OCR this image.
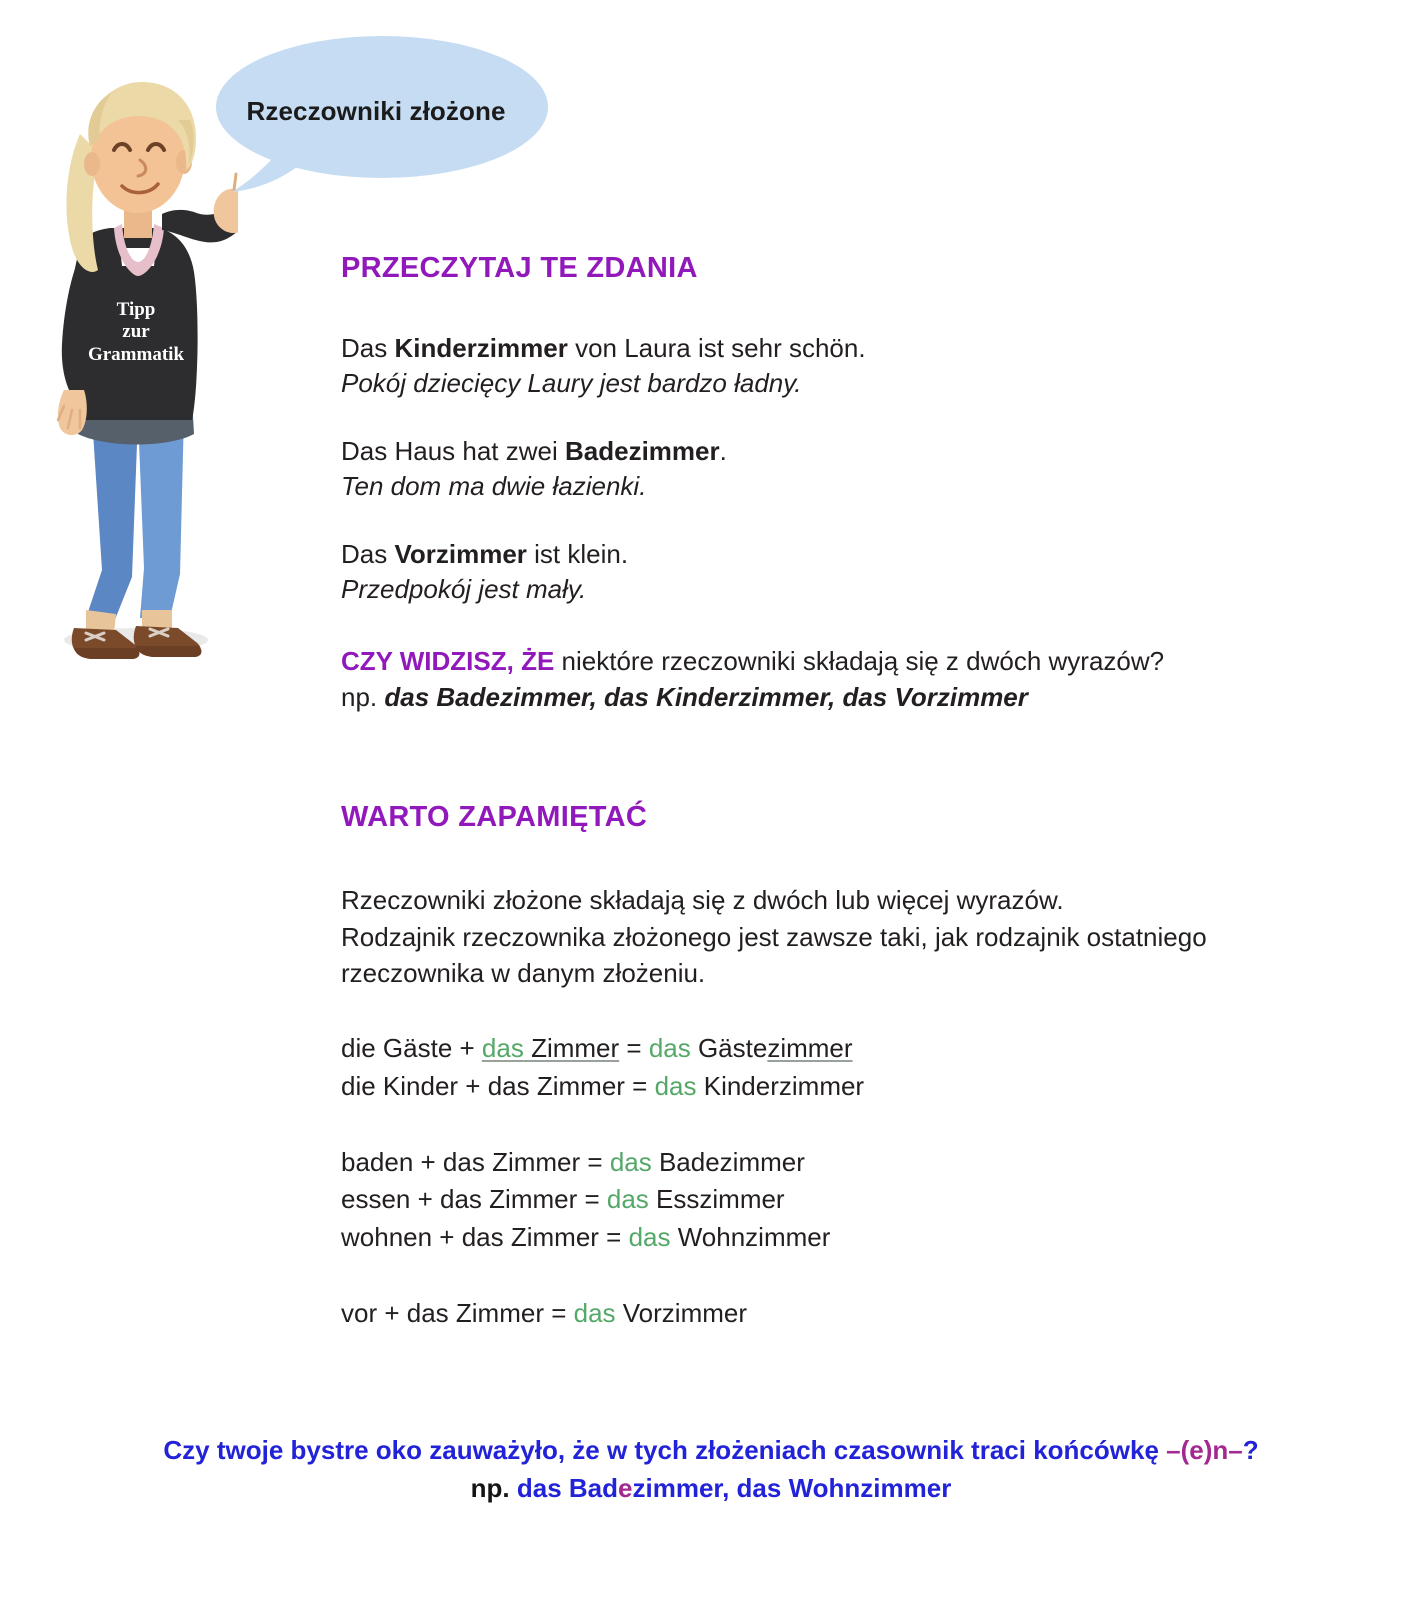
Tipp
zur
Grammatik
Rzeczowniki złożone
PRZECZYTAJ TE ZDANIA
Das Kinderzimmer von Laura ist sehr schön.
Pokój dziecięcy Laury jest bardzo ładny.
Das Haus hat zwei Badezimmer.
Ten dom ma dwie łazienki.
Das Vorzimmer ist klein.
Przedpokój jest mały.
CZY WIDZISZ, ŻE niektóre rzeczowniki składają się z dwóch wyrazów?
np. das Badezimmer, das Kinderzimmer, das Vorzimmer
WARTO ZAPAMIĘTAĆ
Rzeczowniki złożone składają się z dwóch lub więcej wyrazów.
Rodzajnik rzeczownika złożonego jest zawsze taki, jak rodzajnik ostatniego
rzeczownika w danym złożeniu.
die Gäste + das Zimmer = das Gästezimmer
die Kinder + das Zimmer = das Kinderzimmer
baden + das Zimmer = das Badezimmer
essen + das Zimmer = das Esszimmer
wohnen + das Zimmer = das Wohnzimmer
vor + das Zimmer = das Vorzimmer
Czy twoje bystre oko zauważyło, że w tych złożeniach czasownik traci końcówkę –(e)n–?
np. das Badezimmer, das Wohnzimmer
